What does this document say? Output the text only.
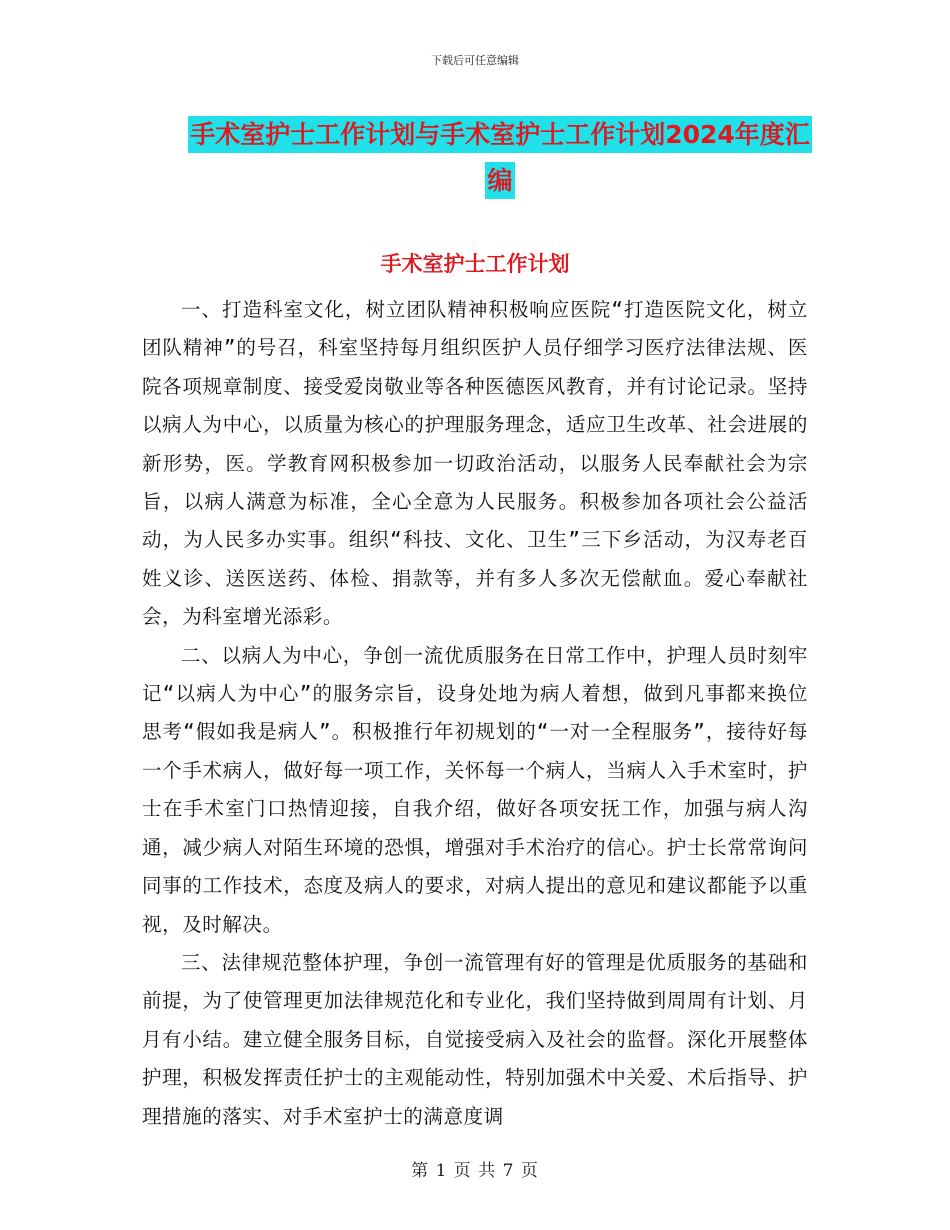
下载后可任意编辑
手术室护士工作计划与手术室护士工作计划2024年度汇编
手术室护士工作计划

一、打造科室文化，树立团队精神积极响应医院“打造医院文化，树立团队精神”的号召，科室坚持每月组织医护人员仔细学习医疗法律法规、医院各项规章制度、接受爱岗敬业等各种医德医风教育，并有讨论记录。坚持以病人为中心，以质量为核心的护理服务理念，适应卫生改革、社会进展的新形势，医。学教育网积极参加一切政治活动，以服务人民奉献社会为宗旨，以病人满意为标准，全心全意为人民服务。积极参加各项社会公益活动，为人民多办实事。组织“科技、文化、卫生”三下乡活动，为汉寿老百姓义诊、送医送药、体检、捐款等，并有多人多次无偿献血。爱心奉献社会，为科室增光添彩。

二、以病人为中心，争创一流优质服务在日常工作中，护理人员时刻牢记“以病人为中心”的服务宗旨，设身处地为病人着想，做到凡事都来换位思考“假如我是病人”。积极推行年初规划的“一对一全程服务”，接待好每一个手术病人，做好每一项工作，关怀每一个病人，当病人入手术室时，护士在手术室门口热情迎接，自我介绍，做好各项安抚工作，加强与病人沟通，减少病人对陌生环境的恐惧，增强对手术治疗的信心。护士长常常询问同事的工作技术，态度及病人的要求，对病人提出的意见和建议都能予以重视，及时解决。

三、法律规范整体护理，争创一流管理有好的管理是优质服务的基础和前提，为了使管理更加法律规范化和专业化，我们坚持做到周周有计划、月月有小结。建立健全服务目标，自觉接受病入及社会的监督。深化开展整体护理，积极发挥责任护士的主观能动性，特别加强术中关爱、术后指导、护理措施的落实、对手术室护士的满意度调

第 1 页 共 7 页
